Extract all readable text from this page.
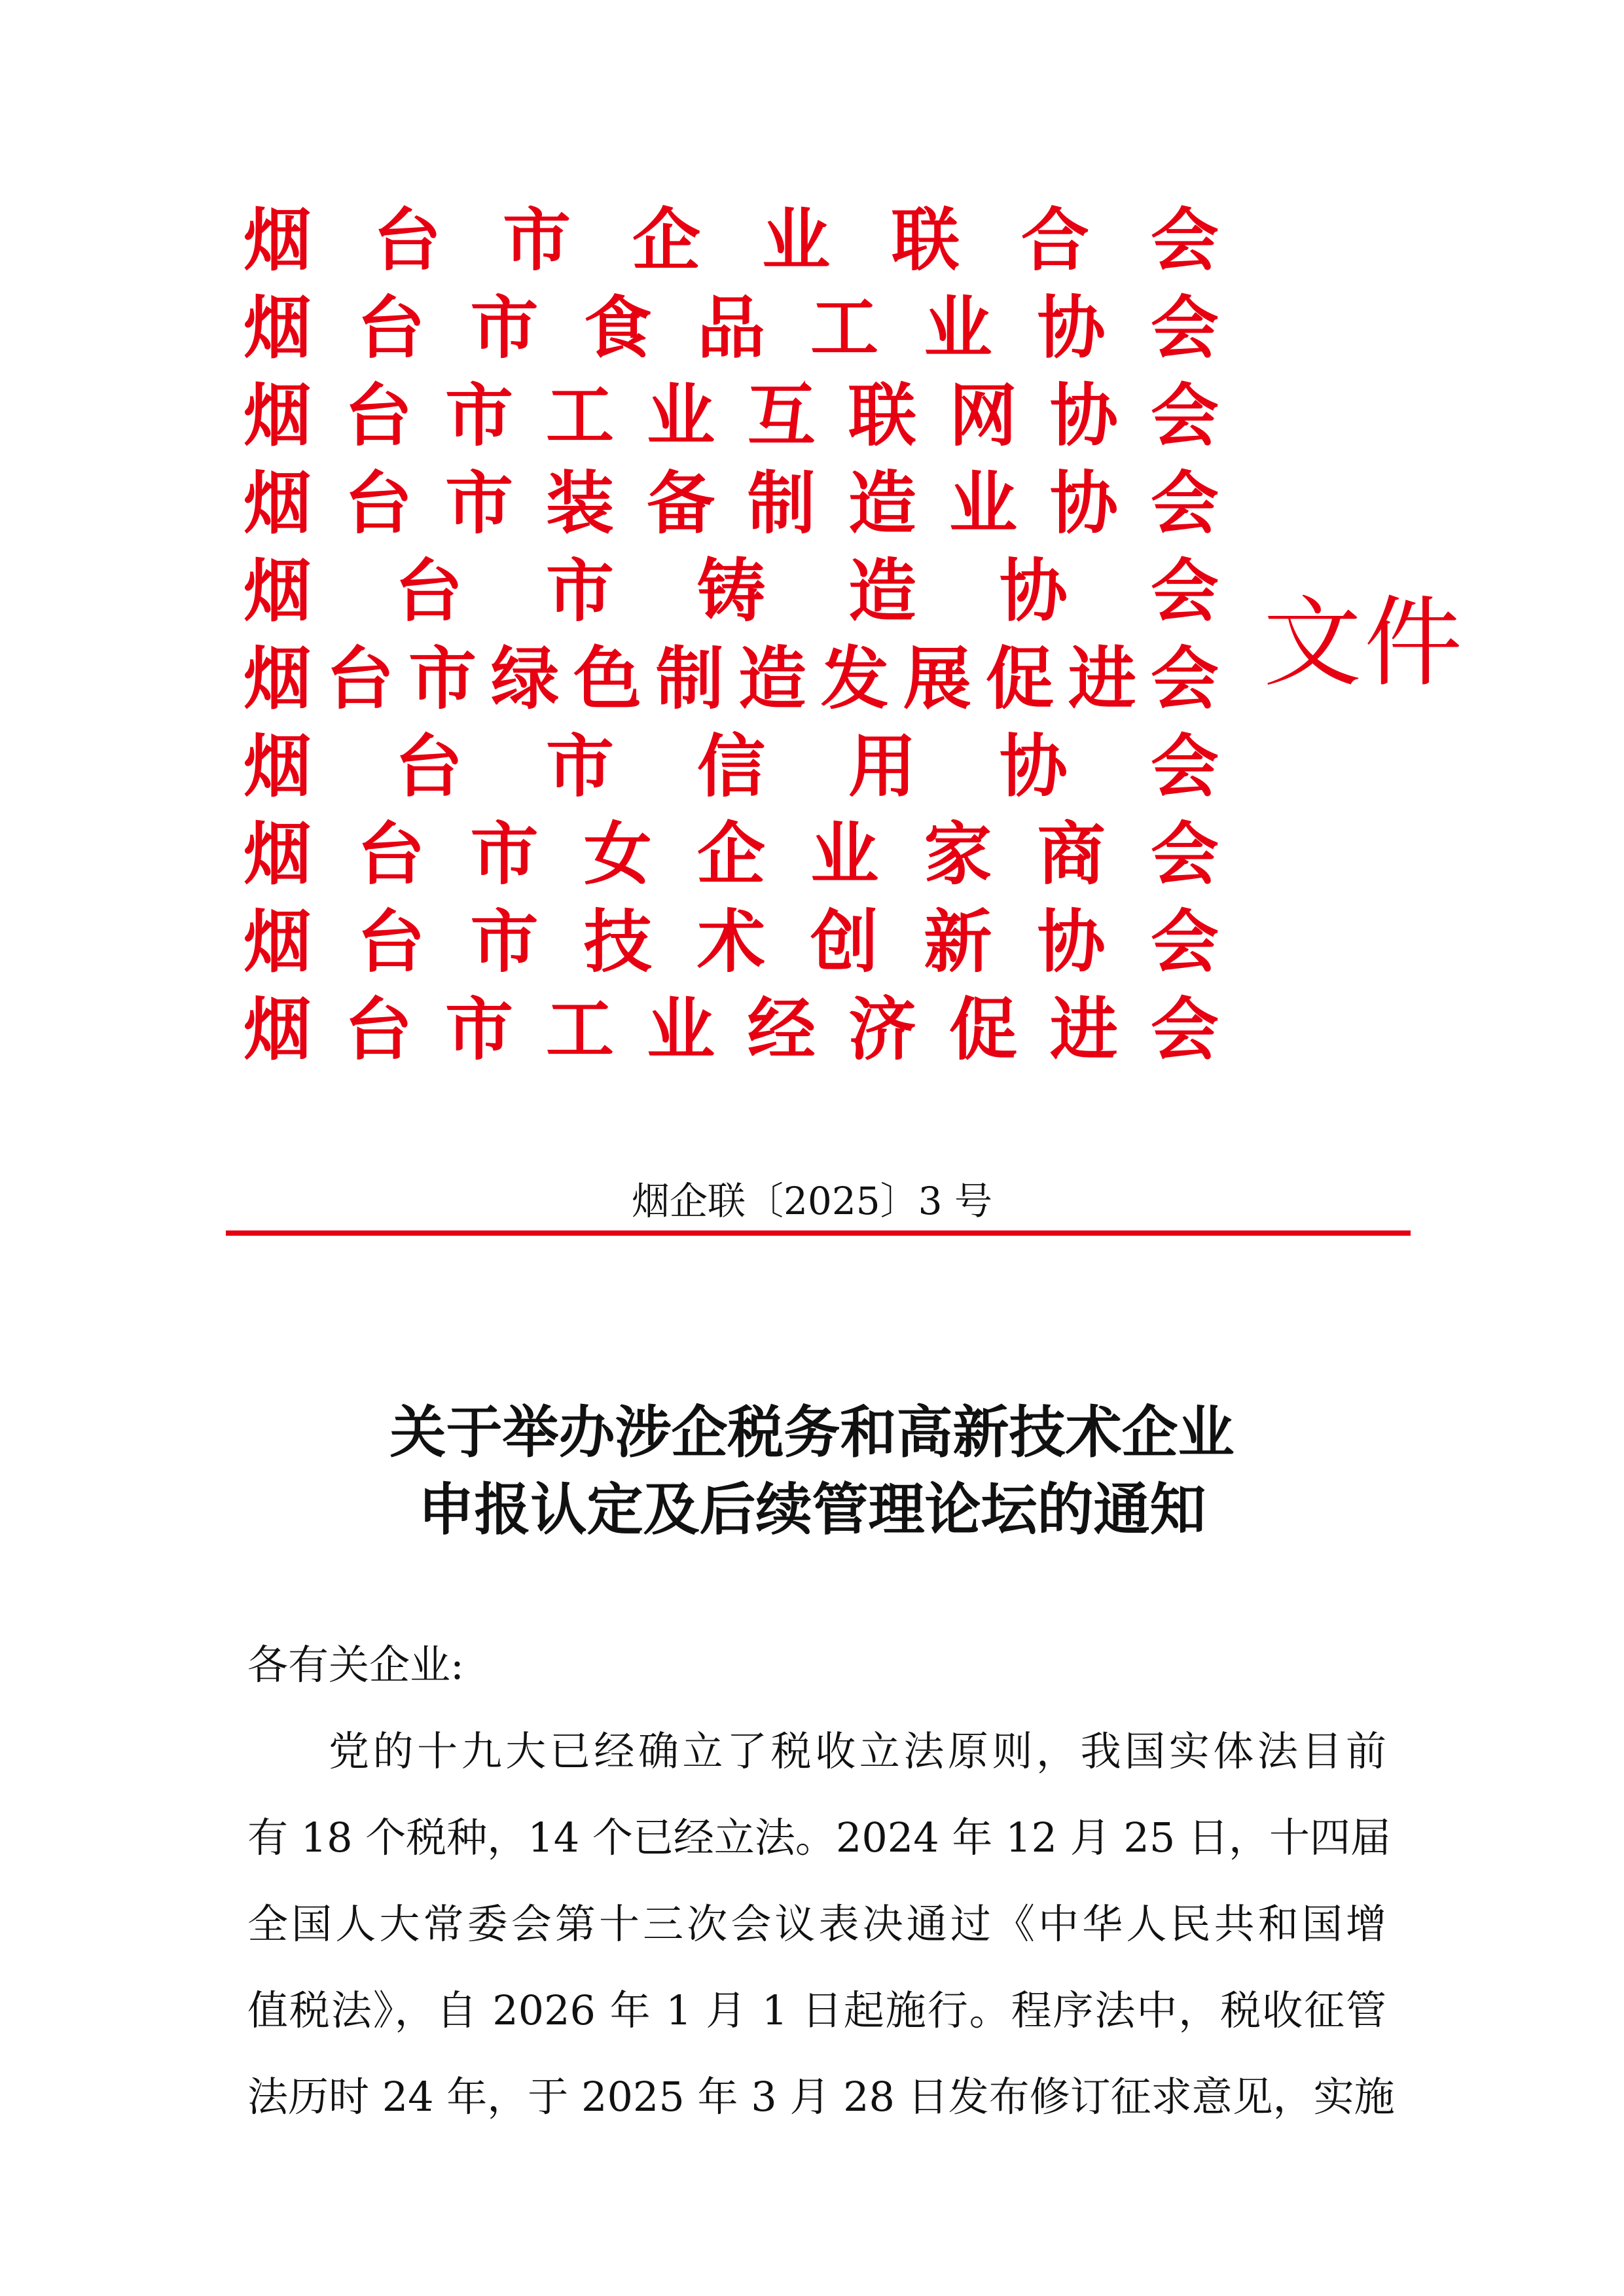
烟 台 市 企 业 联 合 会
烟 台 市 食 品 工 业 协 会
烟 台 市 工 业 互 联 网 协 会
烟 台 市 装 备 制 造 业 协 会
烟 台 市 铸 造 协 会
烟 台 市 绿 色 制 造 发 展 促 进 会
烟 台 市 信 用 协 会
烟 台 市 女 企 业 家 商 会
烟 台 市 技 术 创 新 协 会
烟 台 市 工 业 经 济 促 进 会
文件
烟企联〔2025〕3 号
关于举办涉企税务和高新技术企业
申报认定及后续管理论坛的通知
各有关企业:
党的十九大已经确立了税收立法原则，我国实体法目前
有 18 个税种，14 个已经立法。2024 年 12 月 25 日，十四届
全国人大常委会第十三次会议表决通过《中华人民共和国增
值税法》，自 2026 年 1 月 1 日起施行。程序法中，税收征管
法历时 24 年，于 2025 年 3 月 28 日发布修订征求意见，实施
